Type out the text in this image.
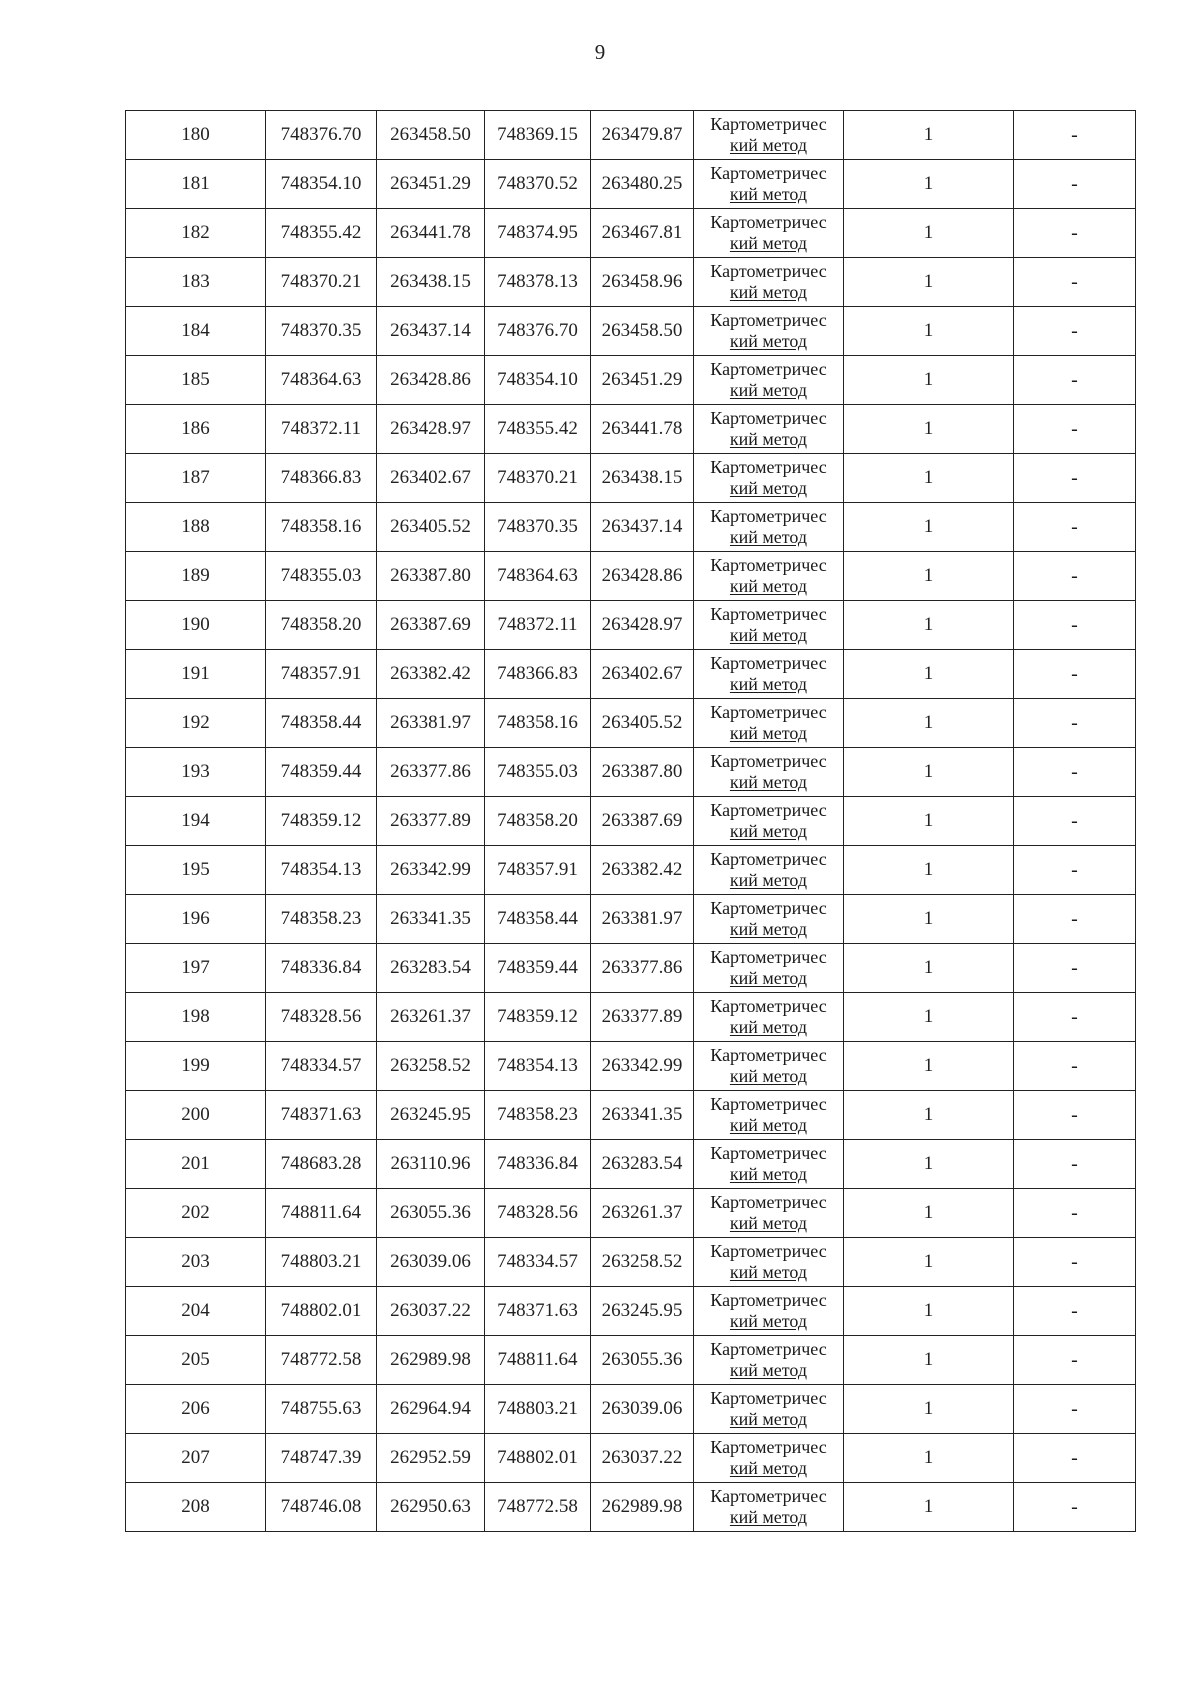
9
180	748376.70	263458.50	748369.15	263479.87	Картометричес
кий метод	1	-
181	748354.10	263451.29	748370.52	263480.25	Картометричес
кий метод	1	-
182	748355.42	263441.78	748374.95	263467.81	Картометричес
кий метод	1	-
183	748370.21	263438.15	748378.13	263458.96	Картометричес
кий метод	1	-
184	748370.35	263437.14	748376.70	263458.50	Картометричес
кий метод	1	-
185	748364.63	263428.86	748354.10	263451.29	Картометричес
кий метод	1	-
186	748372.11	263428.97	748355.42	263441.78	Картометричес
кий метод	1	-
187	748366.83	263402.67	748370.21	263438.15	Картометричес
кий метод	1	-
188	748358.16	263405.52	748370.35	263437.14	Картометричес
кий метод	1	-
189	748355.03	263387.80	748364.63	263428.86	Картометричес
кий метод	1	-
190	748358.20	263387.69	748372.11	263428.97	Картометричес
кий метод	1	-
191	748357.91	263382.42	748366.83	263402.67	Картометричес
кий метод	1	-
192	748358.44	263381.97	748358.16	263405.52	Картометричес
кий метод	1	-
193	748359.44	263377.86	748355.03	263387.80	Картометричес
кий метод	1	-
194	748359.12	263377.89	748358.20	263387.69	Картометричес
кий метод	1	-
195	748354.13	263342.99	748357.91	263382.42	Картометричес
кий метод	1	-
196	748358.23	263341.35	748358.44	263381.97	Картометричес
кий метод	1	-
197	748336.84	263283.54	748359.44	263377.86	Картометричес
кий метод	1	-
198	748328.56	263261.37	748359.12	263377.89	Картометричес
кий метод	1	-
199	748334.57	263258.52	748354.13	263342.99	Картометричес
кий метод	1	-
200	748371.63	263245.95	748358.23	263341.35	Картометричес
кий метод	1	-
201	748683.28	263110.96	748336.84	263283.54	Картометричес
кий метод	1	-
202	748811.64	263055.36	748328.56	263261.37	Картометричес
кий метод	1	-
203	748803.21	263039.06	748334.57	263258.52	Картометричес
кий метод	1	-
204	748802.01	263037.22	748371.63	263245.95	Картометричес
кий метод	1	-
205	748772.58	262989.98	748811.64	263055.36	Картометричес
кий метод	1	-
206	748755.63	262964.94	748803.21	263039.06	Картометричес
кий метод	1	-
207	748747.39	262952.59	748802.01	263037.22	Картометричес
кий метод	1	-
208	748746.08	262950.63	748772.58	262989.98	Картометричес
кий метод	1	-
